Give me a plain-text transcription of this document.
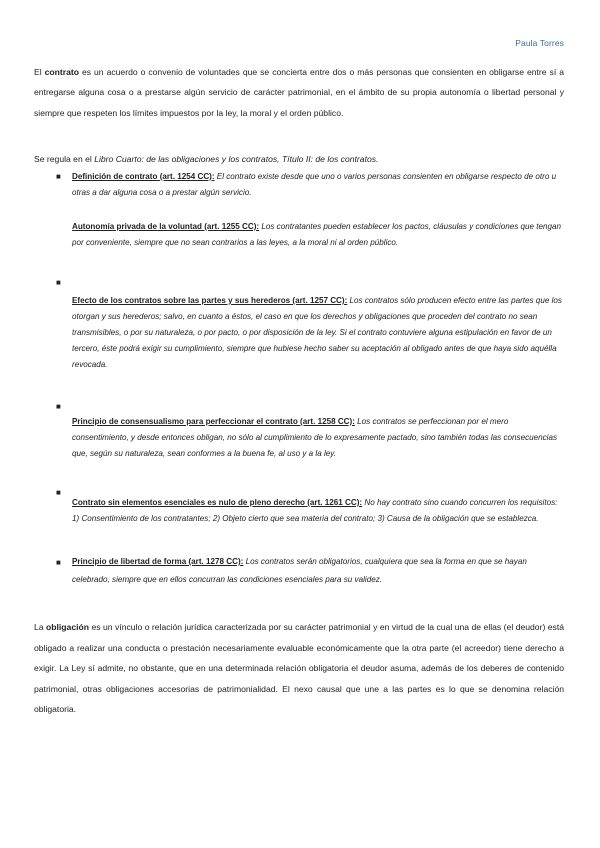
Paula Torres

El contrato es un acuerdo o convenio de voluntades que se concierta entre dos o más personas que consienten en obligarse entre sí a entregarse alguna cosa o a prestarse algún servicio de carácter patrimonial, en el ámbito de su propia autonomía o libertad personal y siempre que respeten los límites impuestos por la ley, la moral y el orden público.

Se regula en el Libro Cuarto: de las obligaciones y los contratos, Título II: de los contratos.
■
■
■
■
■
Definición de contrato (art. 1254 CC): El contrato existe desde que uno o varios personas consienten en obligarse respecto de otro u otras a dar alguna cosa o a prestar algún servicio.
Autonomía privada de la voluntad (art. 1255 CC): Los contratantes pueden establecer los pactos, cláusulas y condiciones que tengan por conveniente, siempre que no sean contrarios a las leyes, a la moral ni al orden público.
Efecto de los contratos sobre las partes y sus herederos (art. 1257 CC): Los contratos sólo producen efecto entre las partes que los otorgan y sus herederos; salvo, en cuanto a éstos, el caso en que los derechos y obligaciones que proceden del contrato no sean transmisibles, o por su naturaleza, o por pacto, o por disposición de la ley. Si el contrato contuviere alguna estipulación en favor de un tercero, éste podrá exigir su cumplimiento, siempre que hubiese hecho saber su aceptación al obligado antes de que haya sido aquélla revocada.
Principio de consensualismo para perfeccionar el contrato (art. 1258 CC): Los contratos se perfeccionan por el mero consentimiento, y desde entonces obligan, no sólo al cumplimiento de lo expresamente pactado, sino también todas las consecuencias que, según su naturaleza, sean conformes a la buena fe, al uso y a la ley.
Contrato sin elementos esenciales es nulo de pleno derecho (art. 1261 CC): No hay contrato sino cuando concurren los requisitos: 1) Consentimiento de los contratantes; 2) Objeto cierto que sea materia del contrato; 3) Causa de la obligación que se establezca.
Principio de libertad de forma (art. 1278 CC): Los contratos serán obligatorios, cualquiera que sea la forma en que se hayan celebrado, siempre que en ellos concurran las condiciones esenciales para su validez.

La obligación es un vínculo o relación jurídica caracterizada por su carácter patrimonial y en virtud de la cual una de ellas (el deudor) está obligado a realizar una conducta o prestación necesariamente evaluable económicamente que la otra parte (el acreedor) tiene derecho a exigir. La Ley sí admite, no obstante, que en una determinada relación obligatoria el deudor asuma, además de los deberes de contenido patrimonial, otras obligaciones accesorias de patrimonialidad. El nexo causal que une a las partes es lo que se denomina relación obligatoria.
